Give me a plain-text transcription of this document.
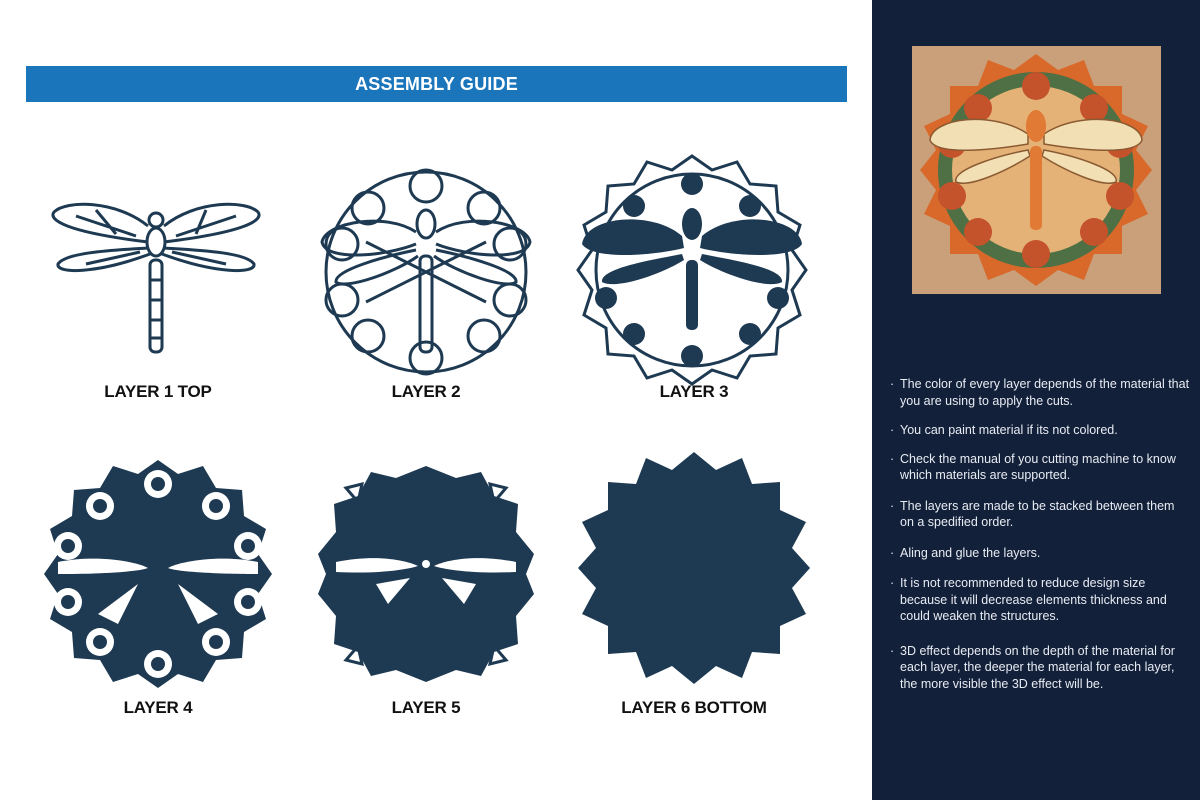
ASSEMBLY GUIDE
LAYER 1 TOP	LAYER 2	LAYER 3
LAYER 4	LAYER 5	LAYER 6 BOTTOM
· The color of every layer depends of the material that you are using to apply the cuts.
· You can paint material if its not colored.
· Check the manual of you cutting machine to know which materials are supported.
· The layers are made to be stacked between them on a spedified order.
· Aling and glue the layers.
· It is not recommended to reduce design size because it will decrease elements thickness and could weaken the structures.
· 3D effect depends on the depth of the material for each layer, the deeper the material for each layer, the more visible the 3D effect will be.
